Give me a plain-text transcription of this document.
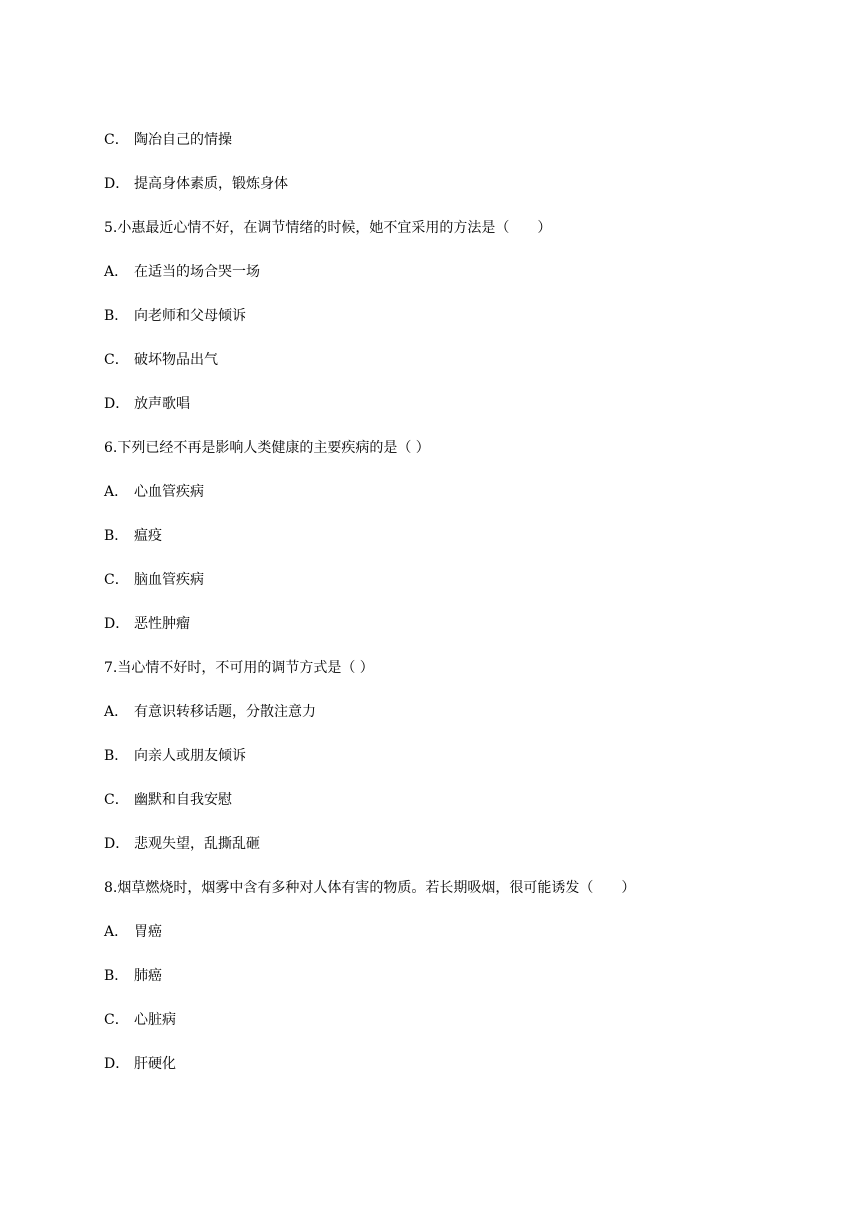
C． 陶冶自己的情操
D． 提高身体素质，锻炼身体
5.小惠最近心情不好，在调节情绪的时候，她不宜采用的方法是（　　）
A． 在适当的场合哭一场
B． 向老师和父母倾诉
C． 破坏物品出气
D． 放声歌唱
6.下列已经不再是影响人类健康的主要疾病的是（ ）
A． 心血管疾病
B． 瘟疫
C． 脑血管疾病
D． 恶性肿瘤
7.当心情不好时，不可用的调节方式是（ ）
A． 有意识转移话题，分散注意力
B． 向亲人或朋友倾诉
C． 幽默和自我安慰
D． 悲观失望，乱撕乱砸
8.烟草燃烧时，烟雾中含有多种对人体有害的物质。若长期吸烟，很可能诱发（　　）
A． 胃癌
B． 肺癌
C． 心脏病
D． 肝硬化
